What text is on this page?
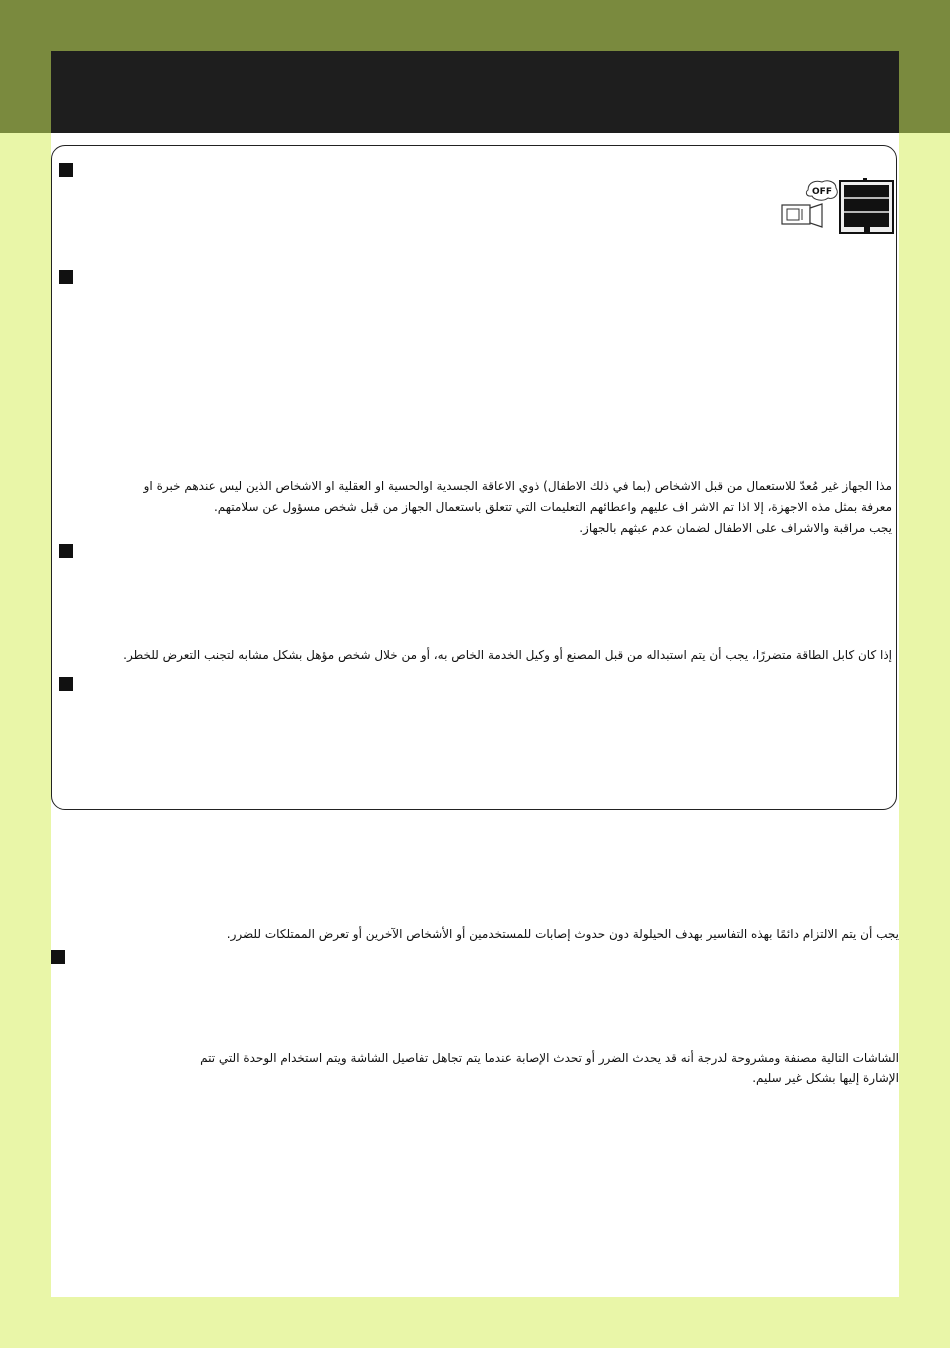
OFF
مذا الجهاز غير مُعدّ للاستعمال من قبل الاشخاص (بما في ذلك الاطفال) ذوي الاعاقة الجسدية اوالحسية او العقلية او الاشخاص الذين ليس عندهم خبرة او
معرفة بمثل مذه الاجهزة، إلا اذا تم الاشر اف عليهم واعطائهم التعليمات التي تتعلق باستعمال الجهاز من قبل شخص مسؤول عن سلامتهم.
يجب مراقبة والاشراف على الاطفال لضمان عدم عبثهم بالجهاز.
إذا كان كابل الطاقة متضررًا، يجب أن يتم استبداله من قبل المصنع أو وكيل الخدمة الخاص به، أو من خلال شخص مؤهل بشكل مشابه لتجنب التعرض للخطر.
يجب أن يتم الالتزام دائمًا بهذه التفاسير بهدف الحيلولة دون حدوث إصابات للمستخدمين أو الأشخاص الآخرين أو تعرض الممتلكات للضرر.
الشاشات التالية مصنفة ومشروحة لدرجة أنه قد يحدث الضرر أو تحدث الإصابة عندما يتم تجاهل تفاصيل الشاشة ويتم استخدام الوحدة التي تتم
الإشارة إليها بشكل غير سليم.
